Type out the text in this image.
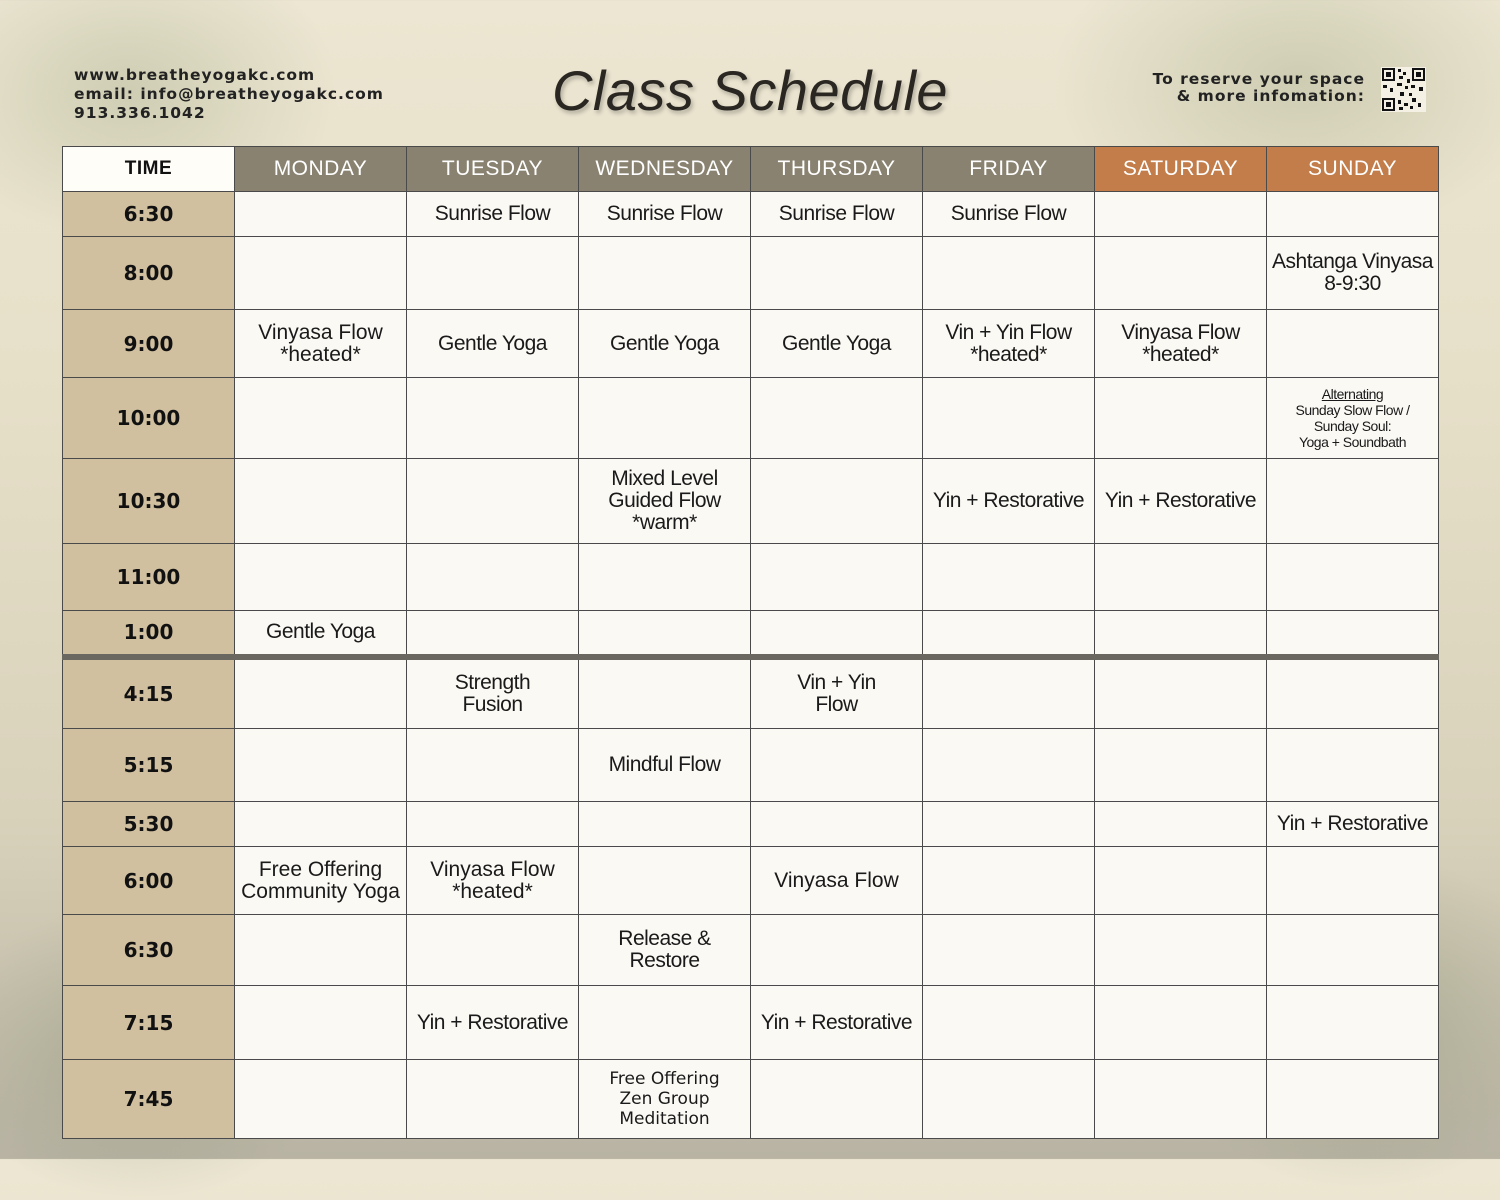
www.breatheyogakc.com
email: info@breatheyogakc.com
913.336.1042	Class Schedule	To reserve your space
& more infomation:
TIME	MONDAY	TUESDAY	WEDNESDAY	THURSDAY	FRIDAY	SATURDAY	SUNDAY
6:30		Sunrise Flow	Sunrise Flow	Sunrise Flow	Sunrise Flow		

8:00							Ashtanga Vinyasa
8-9:30

9:00	Vinyasa Flow
*heated*	Gentle Yoga	Gentle Yoga	Gentle Yoga	Vin + Yin Flow
*heated*	Vinyasa Flow
*heated*	

10:00							Alternating
Sunday Slow Flow /
Sunday Soul:
Yoga + Soundbath

10:30			Mixed Level
Guided Flow
*warm*		Yin + Restorative	Yin + Restorative	

11:00							
1:00	Gentle Yoga						

4:15		Strength
Fusion		Vin + Yin
Flow			

5:15			Mindful Flow				

5:30							Yin + Restorative

6:00	Free Offering
Community Yoga	Vinyasa Flow
*heated*		Vinyasa Flow			

6:30			Release &
Restore				

7:15		Yin + Restorative		Yin + Restorative			

7:45			Free Offering
Zen Group
Meditation				
